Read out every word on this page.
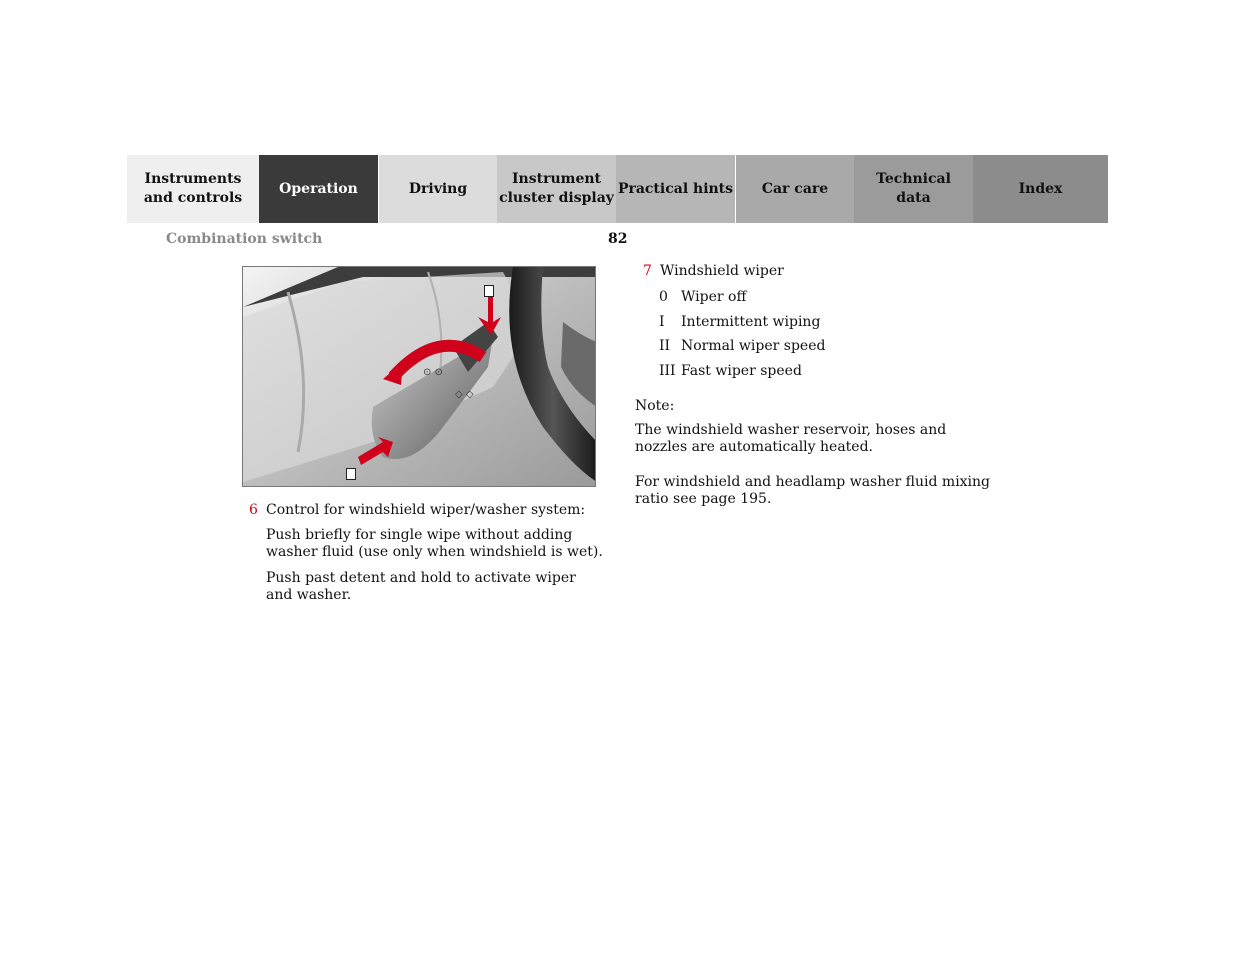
Instruments
and controls
Operation	Driving
Instrument
cluster display
Practical hints Car care
Technical
data
Index
Combination switch	82
⊙ ⊙
◇ ◇
6 Control for windshield wiper/washer system:
Push briefly for single wipe without adding washer fluid (use only when windshield is wet).
Push past detent and hold to activate wiper and washer.
7 Windshield wiper
0 Wiper off
I	Intermittent wiping
II Normal wiper speed
III Fast wiper speed
Note:
The windshield washer reservoir, hoses and nozzles are automatically heated.
For windshield and headlamp washer fluid mixing ratio see page 195.
